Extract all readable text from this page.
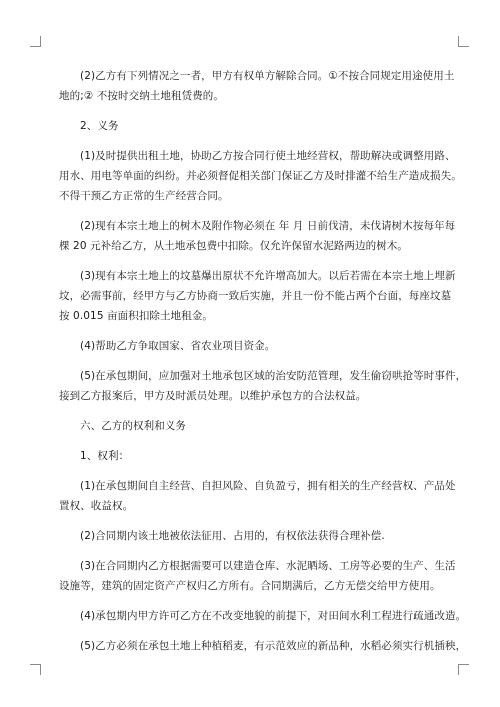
(2)乙方有下列情况之一者，甲方有权单方解除合同。①不按合同规定用途使用土
地的;② 不按时交纳土地租赁费的。

2、义务

(1)及时提供出租土地，协助乙方按合同行使土地经营权，帮助解决或调整用路、
用水、用电等单面的纠纷。并必须督促相关部门保证乙方及时排灌不给生产造成损失。
不得干预乙方正常的生产经营合同。

(2)现有本宗土地上的树木及附作物必须在 年 月 日前伐清，未伐请树木按每年每
棵 20 元补给乙方，从土地承包费中扣除。仅允许保留水泥路两边的树木。

(3)现有本宗土地上的坟墓爆出原状不允许增高加大。以后若需在本宗土地上埋新
坟，必需事前，经甲方与乙方协商一致后实施，并且一份不能占两个台面，每座坟墓
按 0.015 亩面积扣除土地租金。

(4)帮助乙方争取国家、省农业项目资金。

(5)在承包期间，应加强对土地承包区域的治安防范管理，发生偷窃哄抢等时事件，
接到乙方报案后，甲方及时派员处理。以维护承包方的合法权益。

六、乙方的权利和义务

1、权利：

(1)在承包期间自主经营、自担风险、自负盈亏，拥有相关的生产经营权、产品处
置权、收益权。

(2)合同期内该土地被依法征用、占用的，有权依法获得合理补偿.

(3)在合同期内乙方根据需要可以建造仓库、水泥晒场、工房等必要的生产、生活
设施等，建筑的固定资产产权归乙方所有。合同期满后，乙方无偿交给甲方使用。

(4)承包期内甲方许可乙方在不改变地貌的前提下，对田间水利工程进行疏通改造。

(5)乙方必须在承包土地上种植稻麦，有示范效应的新品种，水稻必须实行机插秧，
